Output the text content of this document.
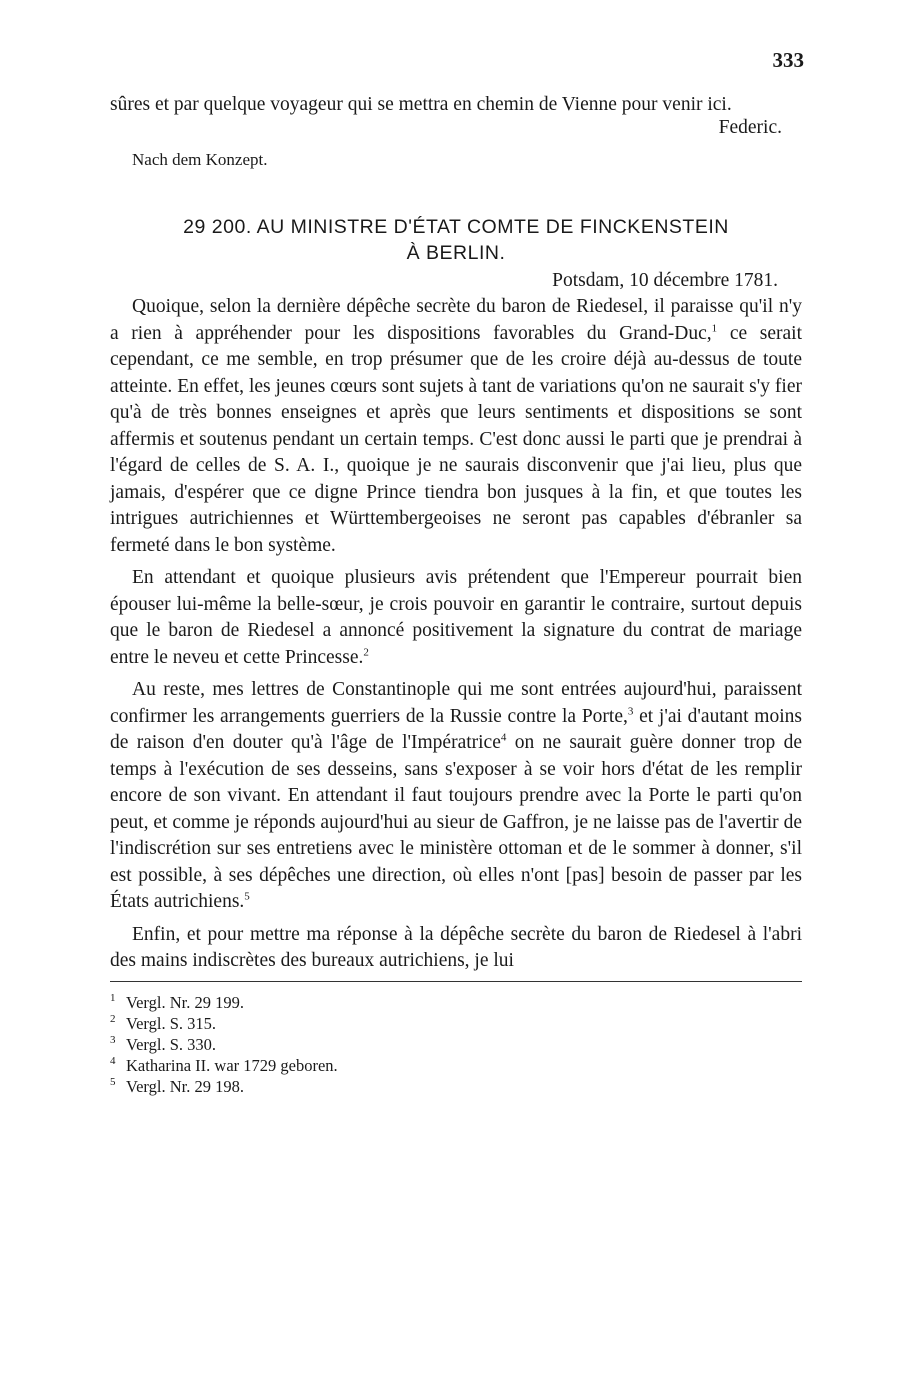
333

sûres et par quelque voyageur qui se mettra en chemin de Vienne pour venir ici.

Federic.
Nach dem Konzept.
29 200. AU MINISTRE D'ÉTAT COMTE DE FINCKENSTEIN
À BERLIN.
Potsdam, 10 décembre 1781.

Quoique, selon la dernière dépêche secrète du baron de Riedesel, il paraisse qu'il n'y a rien à appréhender pour les dispositions favorables du Grand-Duc,$^1$ ce serait cependant, ce me semble, en trop présumer que de les croire déjà au-dessus de toute atteinte. En effet, les jeunes cœurs sont sujets à tant de variations qu'on ne saurait s'y fier qu'à de très bonnes enseignes et après que leurs sentiments et dispositions se sont affermis et soutenus pendant un certain temps. C'est donc aussi le parti que je prendrai à l'égard de celles de S. A. I., quoique je ne saurais disconvenir que j'ai lieu, plus que jamais, d'espérer que ce digne Prince tiendra bon jusques à la fin, et que toutes les intrigues autrichiennes et Württembergeoises ne seront pas capables d'ébranler sa fermeté dans le bon système.

En attendant et quoique plusieurs avis prétendent que l'Empereur pourrait bien épouser lui-même la belle-sœur, je crois pouvoir en garantir le contraire, surtout depuis que le baron de Riedesel a annoncé positivement la signature du contrat de mariage entre le neveu et cette Princesse.$^2$

Au reste, mes lettres de Constantinople qui me sont entrées aujourd'hui, paraissent confirmer les arrangements guerriers de la Russie contre la Porte,$^3$ et j'ai d'autant moins de raison d'en douter qu'à l'âge de l'Impératrice$^4$ on ne saurait guère donner trop de temps à l'exécution de ses desseins, sans s'exposer à se voir hors d'état de les remplir encore de son vivant. En attendant il faut toujours prendre avec la Porte le parti qu'on peut, et comme je réponds aujourd'hui au sieur de Gaffron, je ne laisse pas de l'avertir de l'indiscrétion sur ses entretiens avec le ministère ottoman et de le sommer à donner, s'il est possible, à ses dépêches une direction, où elles n'ont [pas] besoin de passer par les États autrichiens.$^5$

Enfin, et pour mettre ma réponse à la dépêche secrète du baron de Riedesel à l'abri des mains indiscrètes des bureaux autrichiens, je lui

1 Vergl. Nr. 29 199.
2 Vergl. S. 315.
3 Vergl. S. 330.
4 Katharina II. war 1729 geboren.
5 Vergl. Nr. 29 198.
